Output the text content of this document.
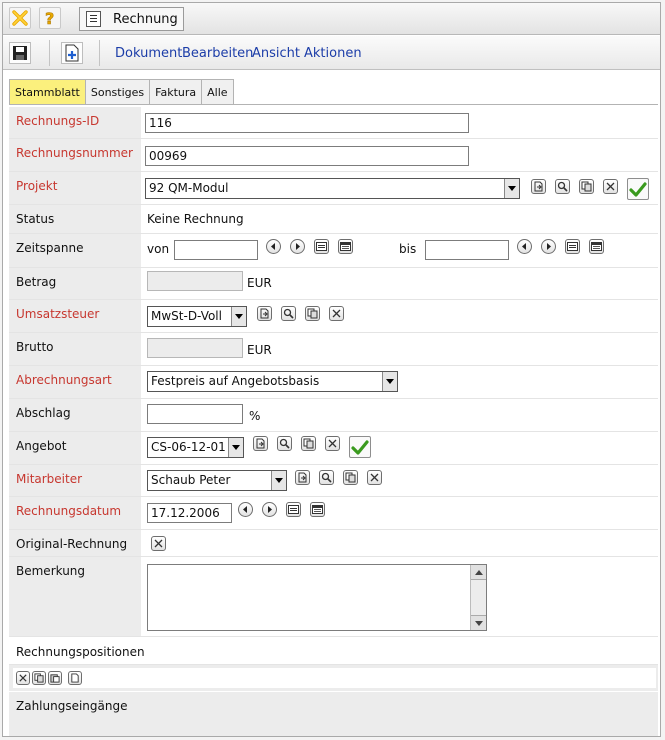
?	Rechnung
Dokument Bearbeiten
Ansicht Aktionen
Stammblatt	Sonstiges	Faktura	Alle
Rechnungs-ID	116
Rechnungsnummer	00969
Projekt	92 QM-Modul
Status	Keine Rechnung
Zeitspanne	von	bis
Betrag	EUR
Umsatzsteuer	MwSt-D-Voll
Brutto	EUR
Abrechnungsart	Festpreis auf Angebotsbasis
Abschlag	%
Angebot	CS-06-12-01
Mitarbeiter	Schaub Peter
Rechnungsdatum	17.12.2006
Original-Rechnung
Bemerkung
Rechnungspositionen
Zahlungseingänge
